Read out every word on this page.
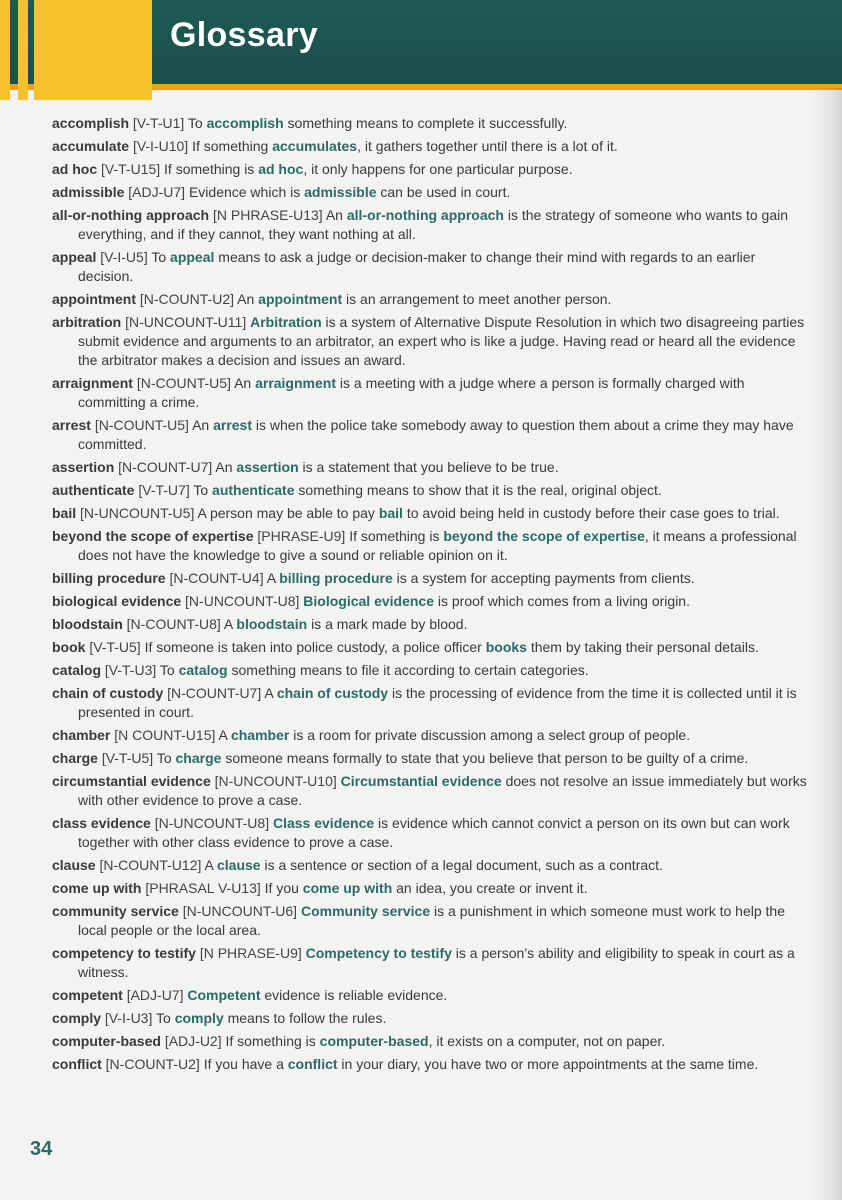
Glossary
accomplish [V-T-U1] To accomplish something means to complete it successfully.
accumulate [V-I-U10] If something accumulates, it gathers together until there is a lot of it.
ad hoc [V-T-U15] If something is ad hoc, it only happens for one particular purpose.
admissible [ADJ-U7] Evidence which is admissible can be used in court.
all-or-nothing approach [N PHRASE-U13] An all-or-nothing approach is the strategy of someone who wants to gain everything, and if they cannot, they want nothing at all.
appeal [V-I-U5] To appeal means to ask a judge or decision-maker to change their mind with regards to an earlier decision.
appointment [N-COUNT-U2] An appointment is an arrangement to meet another person.
arbitration [N-UNCOUNT-U11] Arbitration is a system of Alternative Dispute Resolution in which two disagreeing parties submit evidence and arguments to an arbitrator, an expert who is like a judge. Having read or heard all the evidence the arbitrator makes a decision and issues an award.
arraignment [N-COUNT-U5] An arraignment is a meeting with a judge where a person is formally charged with committing a crime.
arrest [N-COUNT-U5] An arrest is when the police take somebody away to question them about a crime they may have committed.
assertion [N-COUNT-U7] An assertion is a statement that you believe to be true.
authenticate [V-T-U7] To authenticate something means to show that it is the real, original object.
bail [N-UNCOUNT-U5] A person may be able to pay bail to avoid being held in custody before their case goes to trial.
beyond the scope of expertise [PHRASE-U9] If something is beyond the scope of expertise, it means a professional does not have the knowledge to give a sound or reliable opinion on it.
billing procedure [N-COUNT-U4] A billing procedure is a system for accepting payments from clients.
biological evidence [N-UNCOUNT-U8] Biological evidence is proof which comes from a living origin.
bloodstain [N-COUNT-U8] A bloodstain is a mark made by blood.
book [V-T-U5] If someone is taken into police custody, a police officer books them by taking their personal details.
catalog [V-T-U3] To catalog something means to file it according to certain categories.
chain of custody [N-COUNT-U7] A chain of custody is the processing of evidence from the time it is collected until it is presented in court.
chamber [N COUNT-U15] A chamber is a room for private discussion among a select group of people.
charge [V-T-U5] To charge someone means formally to state that you believe that person to be guilty of a crime.
circumstantial evidence [N-UNCOUNT-U10] Circumstantial evidence does not resolve an issue immediately but works with other evidence to prove a case.
class evidence [N-UNCOUNT-U8] Class evidence is evidence which cannot convict a person on its own but can work together with other class evidence to prove a case.
clause [N-COUNT-U12] A clause is a sentence or section of a legal document, such as a contract.
come up with [PHRASAL V-U13] If you come up with an idea, you create or invent it.
community service [N-UNCOUNT-U6] Community service is a punishment in which someone must work to help the local people or the local area.
competency to testify [N PHRASE-U9] Competency to testify is a person’s ability and eligibility to speak in court as a witness.
competent [ADJ-U7] Competent evidence is reliable evidence.
comply [V-I-U3] To comply means to follow the rules.
computer-based [ADJ-U2] If something is computer-based, it exists on a computer, not on paper.
conflict [N-COUNT-U2] If you have a conflict in your diary, you have two or more appointments at the same time.
34
